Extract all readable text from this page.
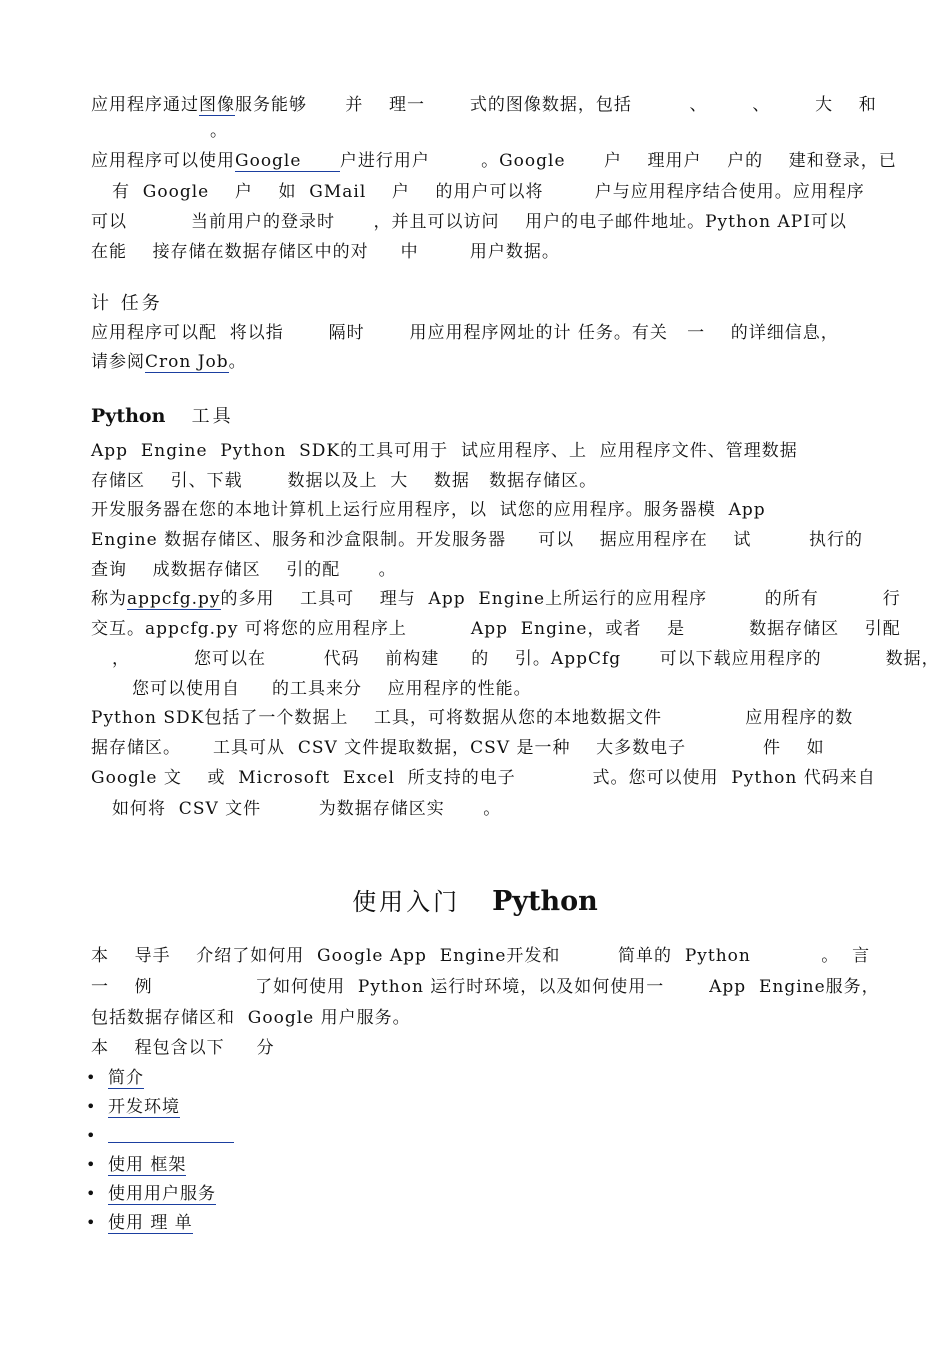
应用程序通过图像服务能够      并    理一       式的图像数据，包括         、       、       大    和
。
应用程序可以使用Google      户进行用户        。Google      户    理用户    户的    建和登录，已
有  Google    户    如  GMail    户    的用户可以将        户与应用程序结合使用。应用程序
可以          当前用户的登录时      ，并且可以访问    用户的电子邮件地址。Python API可以
在能    接存储在数据存储区中的对     中        用户数据。
计 任务
应用程序可以配  将以指       隔时       用应用程序网址的计 任务。有关   一    的详细信息，
请参阅Cron Job。
Python 工具
App  Engine  Python  SDK的工具可用于  试应用程序、上  应用程序文件、管理数据
存储区    引、下载       数据以及上  大    数据   数据存储区。
开发服务器在您的本地计算机上运行应用程序，以  试您的应用程序。服务器模  App
Engine 数据存储区、服务和沙盒限制。开发服务器     可以    据应用程序在    试         执行的
查询    成数据存储区    引的配      。
称为appcfg.py的多用    工具可    理与  App  Engine上所运行的应用程序         的所有          行
交互。appcfg.py 可将您的应用程序上          App  Engine，或者    是          数据存储区    引配
，          您可以在         代码    前构建     的    引。AppCfg      可以下载应用程序的          数据，
您可以使用自     的工具来分    应用程序的性能。
Python SDK包括了一个数据上    工具，可将数据从您的本地数据文件             应用程序的数
据存储区。     工具可从  CSV 文件提取数据，CSV 是一种    大多数电子            件    如
Google 文    或  Microsoft  Excel  所支持的电子            式。您可以使用  Python 代码来自
如何将  CSV 文件         为数据存储区实      。
使用入门 Python
本    导手    介绍了如何用  Google App  Engine开发和         简单的  Python           。  言
一    例                了如何使用  Python 运行时环境，以及如何使用一       App  Engine服务，
包括数据存储区和  Google 用户服务。
本    程包含以下     分
• 简介
• 开发环境
•
• 使用 框架
• 使用用户服务
• 使用 理 单
